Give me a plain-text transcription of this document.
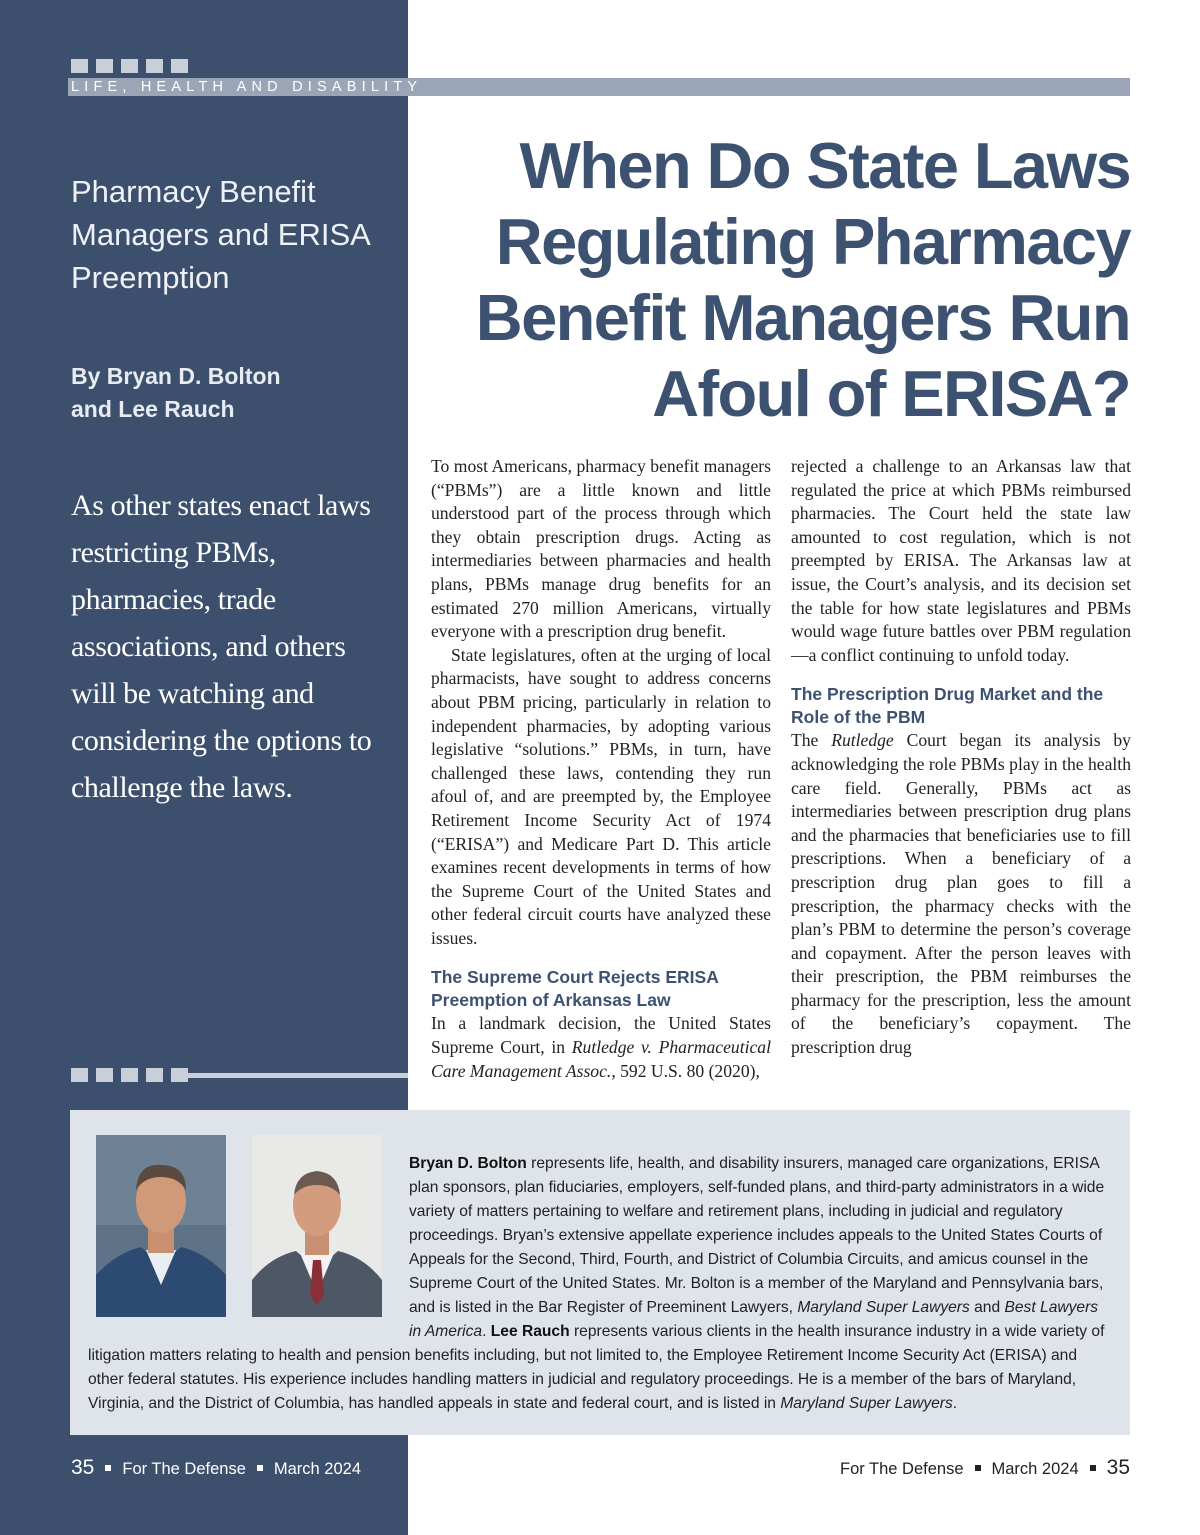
LIFE, HEALTH AND DISABILITY
Pharmacy Benefit Managers and ERISA Preemption
By Bryan D. Bolton
and Lee Rauch
As other states enact laws restricting PBMs, pharmacies, trade associations, and others will be watching and considering the options to challenge the laws.
When Do State Laws Regulating Pharmacy Benefit Managers Run Afoul of ERISA?

To most Americans, pharmacy benefit managers (“PBMs”) are a little known and little understood part of the process through which they obtain prescription drugs. Acting as intermediaries between pharmacies and health plans, PBMs manage drug benefits for an estimated 270 million Americans, virtually everyone with a prescription drug benefit.

State legislatures, often at the urging of local pharmacists, have sought to address concerns about PBM pricing, particularly in relation to independent pharmacies, by adopting various legislative “solutions.” PBMs, in turn, have challenged these laws, contending they run afoul of, and are preempted by, the Employee Retirement Income Security Act of 1974 (“ERISA”) and Medicare Part D. This article examines recent developments in terms of how the Supreme Court of the United States and other federal circuit courts have analyzed these issues.

The Supreme Court Rejects ERISA Preemption of Arkansas Law

In a landmark decision, the United States Supreme Court, in Rutledge v. Pharmaceutical Care Management Assoc., 592 U.S. 80 (2020),

rejected a challenge to an Arkansas law that regulated the price at which PBMs reimbursed pharmacies. The Court held the state law amounted to cost regulation, which is not preempted by ERISA. The Arkansas law at issue, the Court’s analysis, and its decision set the table for how state legislatures and PBMs would wage future battles over PBM regulation—a conflict continuing to unfold today.

The Prescription Drug Market and the Role of the PBM

The Rutledge Court began its analysis by acknowledging the role PBMs play in the health care field. Generally, PBMs act as intermediaries between prescription drug plans and the pharmacies that beneficiaries use to fill prescriptions. When a beneficiary of a prescription drug plan goes to fill a prescription, the pharmacy checks with the plan’s PBM to determine the person’s coverage and copayment. After the person leaves with their prescription, the PBM reimburses the pharmacy for the prescription, less the amount of the beneficiary’s copayment. The prescription drug

Bryan D. Bolton represents life, health, and disability insurers, managed care organizations, ERISA plan sponsors, plan fiduciaries, employers, self-funded plans, and third-party administrators in a wide variety of matters pertaining to welfare and retirement plans, including in judicial and regulatory proceedings. Bryan’s extensive appellate experience includes appeals to the United States Courts of Appeals for the Second, Third, Fourth, and District of Columbia Circuits, and amicus counsel in the Supreme Court of the United States. Mr. Bolton is a member of the Maryland and Pennsylvania bars, and is listed in the Bar Register of Preeminent Lawyers, Maryland Super Lawyers and Best Lawyers in America. Lee Rauch represents various clients in the health insurance industry in a wide variety of litigation matters relating to health and pension benefits including, but not limited to, the Employee Retirement Income Security Act (ERISA) and other federal statutes. His experience includes handling matters in judicial and regulatory proceedings. He is a member of the bars of Maryland, Virginia, and the District of Columbia, has handled appeals in state and federal court, and is listed in Maryland Super Lawyers.
35 For The Defense March 2024	For The Defense March 2024 35
